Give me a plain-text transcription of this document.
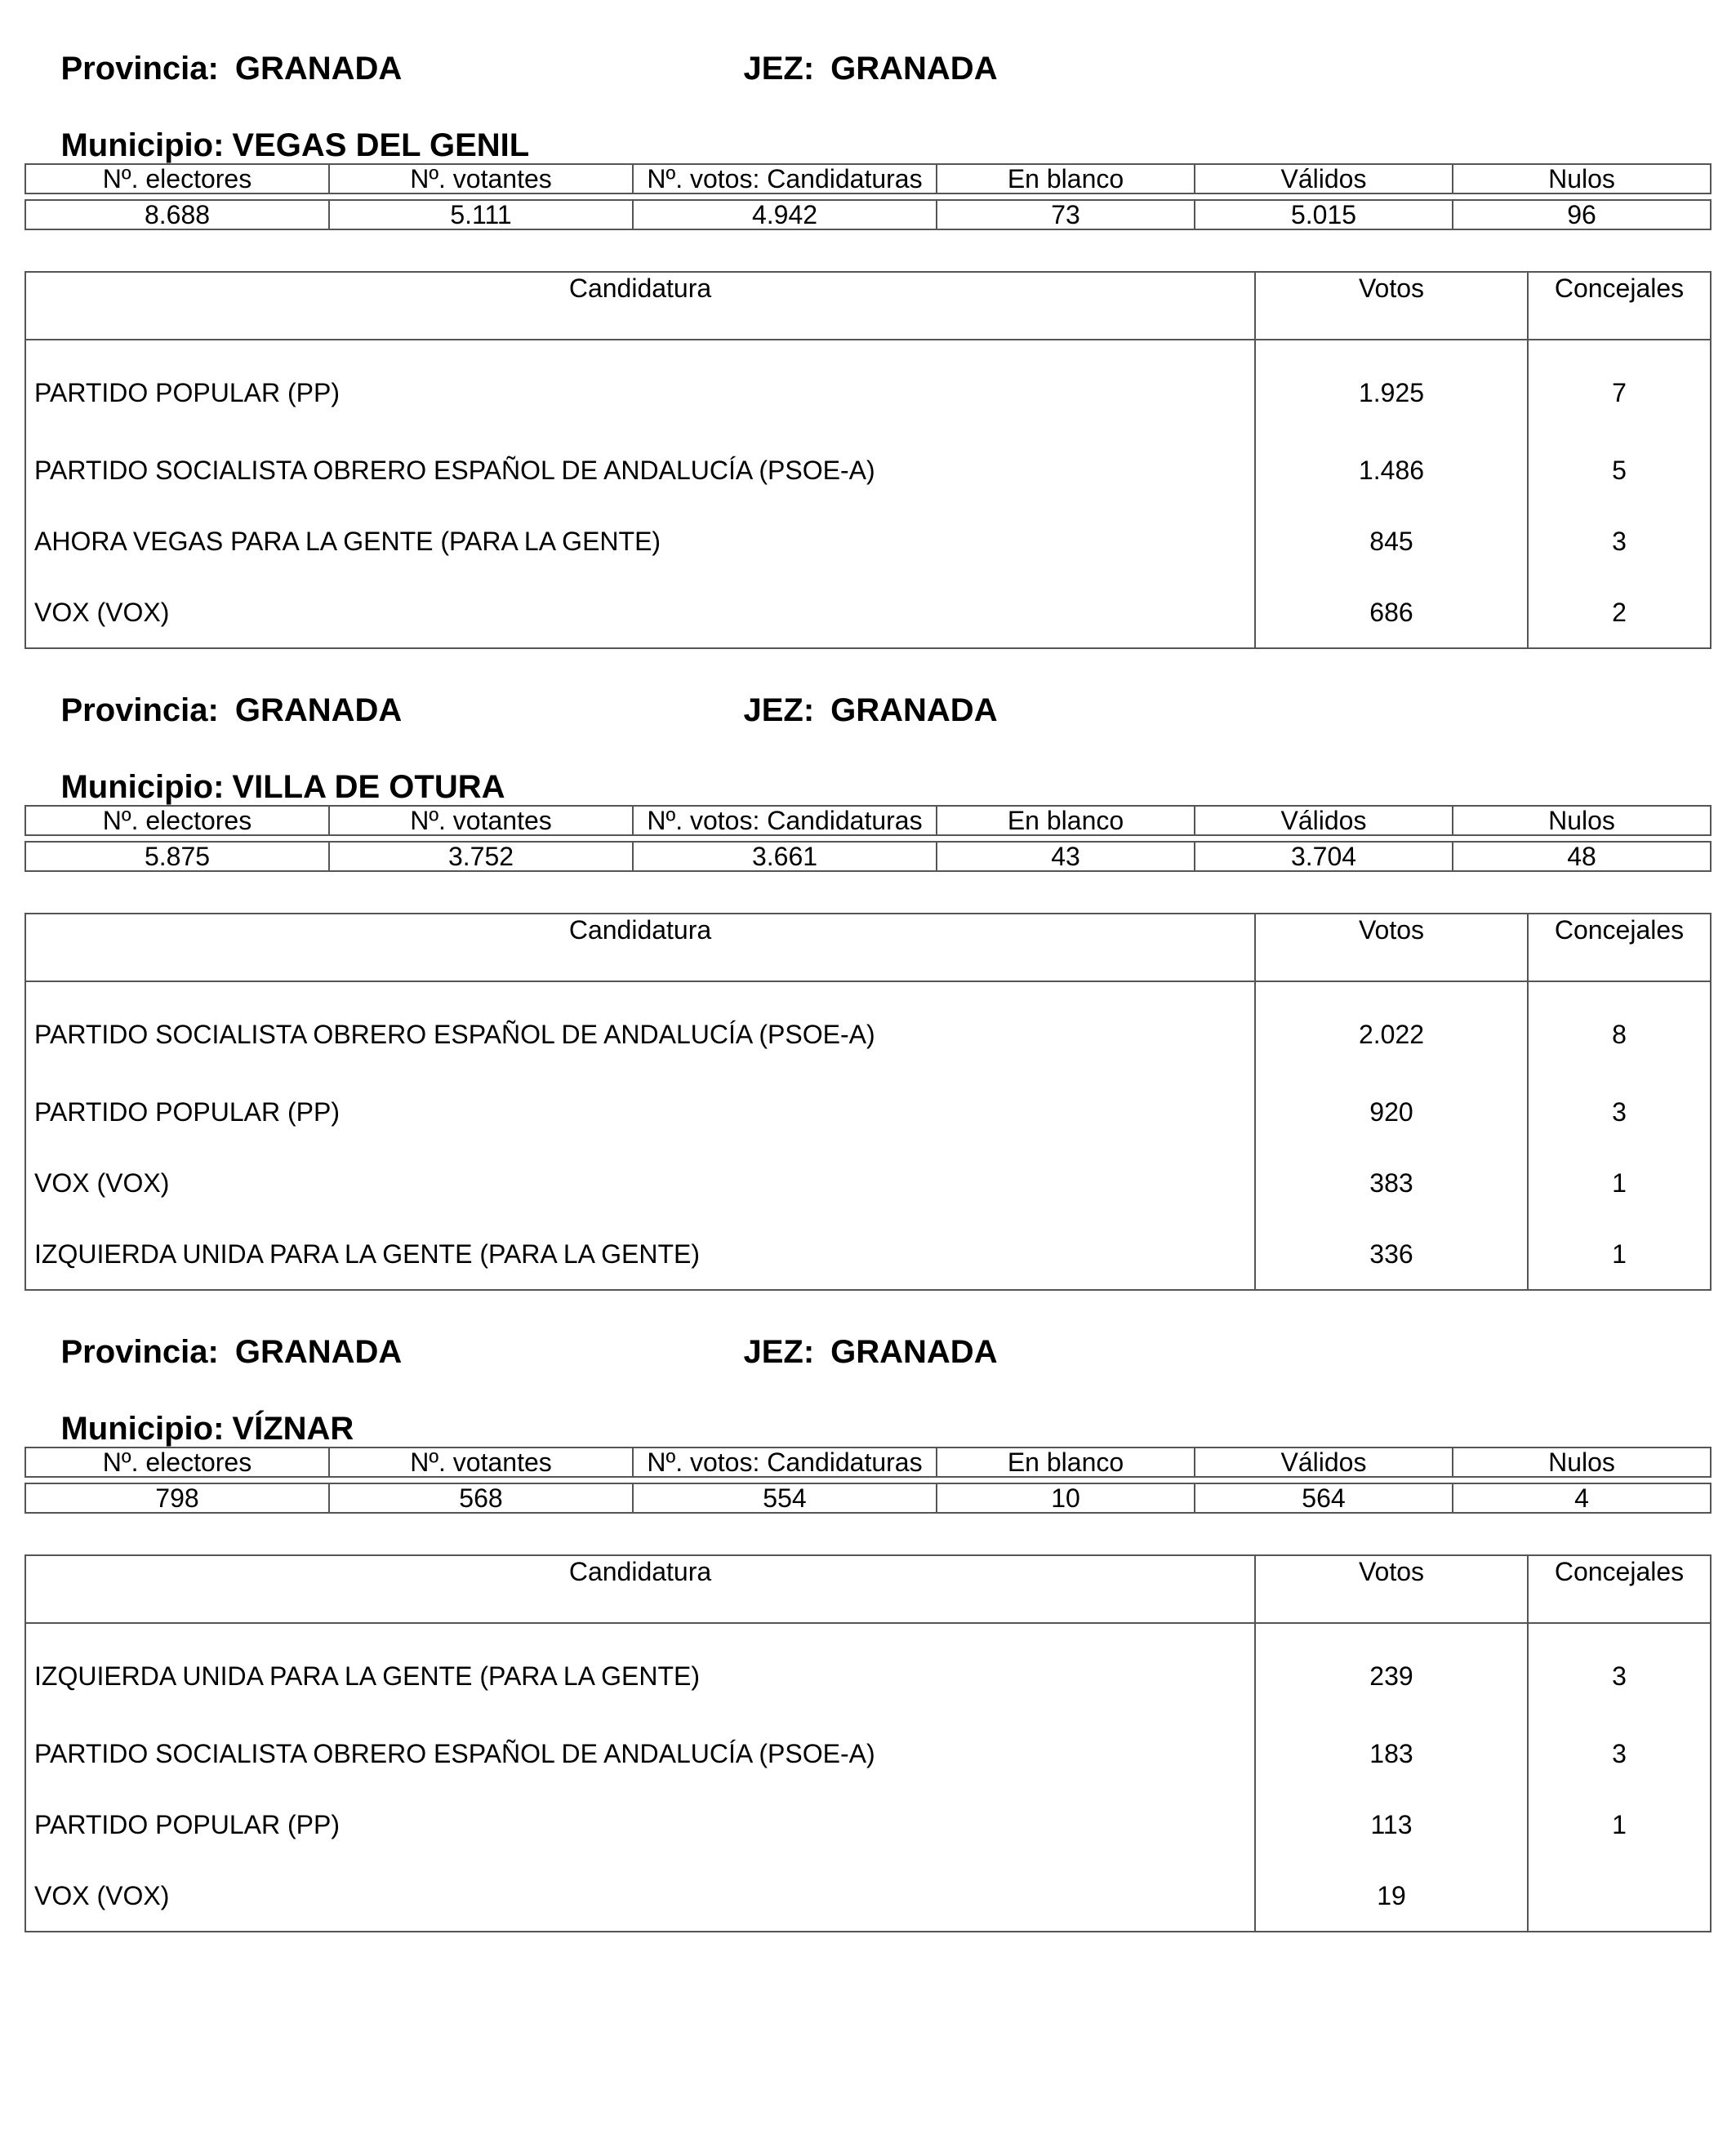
Provincia: GRANADA
	JEZ: GRANADA

Municipio: VEGAS DEL GENIL

Nº. electores	Nº. votantes	Nº. votos: Candidaturas	En blanco	Válidos	Nulos

8.688	5.111	4.942	73	5.015	96
Candidatura	Votos	Concejales
PARTIDO POPULAR (PP)	1.925	7
PARTIDO SOCIALISTA OBRERO ESPAÑOL DE ANDALUCÍA (PSOE-A)	1.486	5
AHORA VEGAS PARA LA GENTE (PARA LA GENTE)	845	3
VOX (VOX)	686	2

Provincia: GRANADA
	JEZ: GRANADA

Municipio: VILLA DE OTURA

Nº. electores	Nº. votantes	Nº. votos: Candidaturas	En blanco	Válidos	Nulos

5.875	3.752	3.661	43	3.704	48
Candidatura	Votos	Concejales
PARTIDO SOCIALISTA OBRERO ESPAÑOL DE ANDALUCÍA (PSOE-A)	2.022	8
PARTIDO POPULAR (PP)	920	3
VOX (VOX)	383	1
IZQUIERDA UNIDA PARA LA GENTE (PARA LA GENTE)	336	1

Provincia: GRANADA
	JEZ: GRANADA

Municipio: VÍZNAR

Nº. electores	Nº. votantes	Nº. votos: Candidaturas	En blanco	Válidos	Nulos

798	568	554	10	564	4
Candidatura	Votos	Concejales
IZQUIERDA UNIDA PARA LA GENTE (PARA LA GENTE)	239	3
PARTIDO SOCIALISTA OBRERO ESPAÑOL DE ANDALUCÍA (PSOE-A)	183	3
PARTIDO POPULAR (PP)	113	1
VOX (VOX)	19	
